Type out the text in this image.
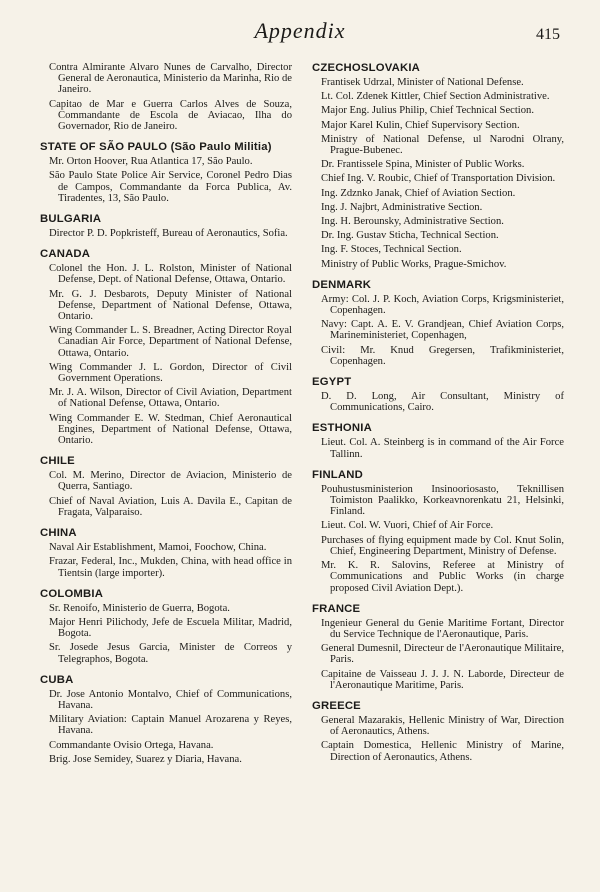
Appendix	415
Contra Almirante Alvaro Nunes de Carvalho, Director General de Aeronautica, Ministerio da Marinha, Rio de Janeiro.
Capitao de Mar e Guerra Carlos Alves de Souza, Commandante de Escola de Aviacao, Ilha do Governador, Rio de Janeiro.
STATE OF SÃO PAULO (São Paulo Militia)
Mr. Orton Hoover, Rua Atlantica 17, São Paulo.
São Paulo State Police Air Service, Coronel Pedro Dias de Campos, Commandante da Forca Publica, Av. Tiradentes, 13, São Paulo.
BULGARIA
Director P. D. Popkristeff, Bureau of Aeronautics, Sofia.
CANADA
Colonel the Hon. J. L. Rolston, Minister of National Defense, Dept. of National Defense, Ottawa, Ontario.
Mr. G. J. Desbarots, Deputy Minister of National Defense, Department of National Defense, Ottawa, Ontario.
Wing Commander L. S. Breadner, Acting Director Royal Canadian Air Force, Department of National Defense, Ottawa, Ontario.
Wing Commander J. L. Gordon, Director of Civil Government Operations.
Mr. J. A. Wilson, Director of Civil Aviation, Department of National Defense, Ottawa, Ontario.
Wing Commander E. W. Stedman, Chief Aeronautical Engines, Department of National Defense, Ottawa, Ontario.
CHILE
Col. M. Merino, Director de Aviacion, Ministerio de Querra, Santiago.
Chief of Naval Aviation, Luis A. Davila E., Capitan de Fragata, Valparaiso.
CHINA
Naval Air Establishment, Mamoi, Foochow, China.
Frazar, Federal, Inc., Mukden, China, with head office in Tientsin (large importer).
COLOMBIA
Sr. Renoifo, Ministerio de Guerra, Bogota.
Major Henri Pilichody, Jefe de Escuela Militar, Madrid, Bogota.
Sr. Josede Jesus Garcia, Minister de Correos y Telegraphos, Bogota.
CUBA
Dr. Jose Antonio Montalvo, Chief of Communications, Havana.
Military Aviation: Captain Manuel Arozarena y Reyes, Havana.
Commandante Ovisio Ortega, Havana.
Brig. Jose Semidey, Suarez y Diaria, Havana.
CZECHOSLOVAKIA
Frantisek Udrzal, Minister of National Defense.
Lt. Col. Zdenek Kittler, Chief Section Administrative.
Major Eng. Julius Philip, Chief Technical Section.
Major Karel Kulin, Chief Supervisory Section.
Ministry of National Defense, ul Narodni Olrany, Prague-Bubenec.
Dr. Frantissele Spina, Minister of Public Works.
Chief Ing. V. Roubic, Chief of Transportation Division.
Ing. Zdznko Janak, Chief of Aviation Section.
Ing. J. Najbrt, Administrative Section.
Ing. H. Berounsky, Administrative Section.
Dr. Ing. Gustav Sticha, Technical Section.
Ing. F. Stoces, Technical Section.
Ministry of Public Works, Prague-Smichov.
DENMARK
Army: Col. J. P. Koch, Aviation Corps, Krigsministeriet, Copenhagen.
Navy: Capt. A. E. V. Grandjean, Chief Aviation Corps, Marineministeriet, Copenhagen,
Civil: Mr. Knud Gregersen, Trafikministeriet, Copenhagen.
EGYPT
D. D. Long, Air Consultant, Ministry of Communications, Cairo.
ESTHONIA
Lieut. Col. A. Steinberg is in command of the Air Force Tallinn.
FINLAND
Pouhustusministerion Insinooriosasto, Teknillisen Toimiston Paalikko, Korkeavnorenkatu 21, Helsinki, Finland.
Lieut. Col. W. Vuori, Chief of Air Force.
Purchases of flying equipment made by Col. Knut Solin, Chief, Engineering Department, Ministry of Defense.
Mr. K. R. Salovins, Referee at Ministry of Communications and Public Works (in charge proposed Civil Aviation Dept.).
FRANCE
Ingenieur General du Genie Maritime Fortant, Director du Service Technique de l'Aeronautique, Paris.
General Dumesnil, Directeur de l'Aeronautique Militaire, Paris.
Capitaine de Vaisseau J. J. J. N. Laborde, Directeur de l'Aeronautique Maritime, Paris.
GREECE
General Mazarakis, Hellenic Ministry of War, Direction of Aeronautics, Athens.
Captain Domestica, Hellenic Ministry of Marine, Direction of Aeronautics, Athens.
